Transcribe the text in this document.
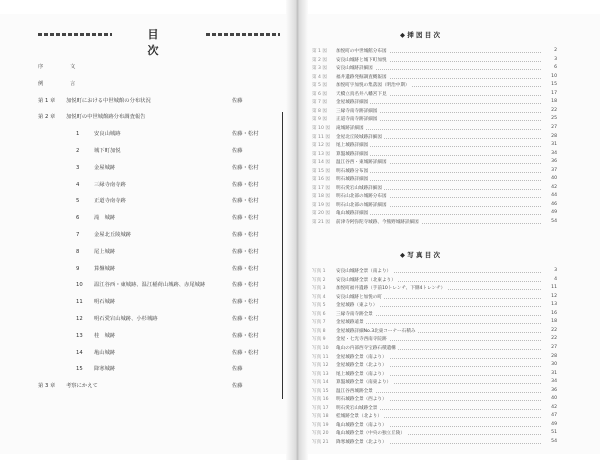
目　次
序	文
例	言
第 1 章 加悦町における中世城館の分布状況	佐藤
第 2 章 加悦町の中世城館跡分布調査報告
1	安良山城跡	佐藤・松村
2	城下町加悦	佐藤
3	金屋城跡	佐藤・松村
4	三縁寺南寺跡	佐藤・松村
5	正道寺南寺跡	佐藤・松村
6	滝　城跡	佐藤・松村
7	金屋北丘陵城跡	佐藤・松村
8	尾上城跡	佐藤・松村
9	算盤城跡	佐藤・松村
10 温江谷西・東城跡、温江稲荷山城跡、赤尾城跡	佐藤・松村
11 明石城跡	佐藤・松村
12 明石愛宕山城跡、小杉城跡	佐藤・松村
13 桂　城跡	佐藤・松村
14 亀山城跡	佐藤・松村
15 降寒城跡	佐藤
第 3 章 考察にかえて	佐藤
◆ 挿 図 目 次
第 1 図	加悦町の中世城館分布図	2
第 2 図	安良山城跡と城下町加悦	3
第 3 図	安良山城跡詳細図	6
第 4 図	福井遺跡発掘調査概報図	10
第 5 図	加悦町字加悦の集落図（明治中期）	15
第 6 図	天橋立真名井八幡宮下見	17
第 7 図	金屋城跡詳細図	18
第 8 図	三縁寺南寺跡詳細図	22
第 9 図	正道寺南寺跡詳細図	25
第 10 図	滝城跡詳細図	27
第 11 図	金屋北丘陵城跡詳細図	28
第 12 図	尾上城跡詳細図	31
第 13 図	算盤城跡詳細図	34
第 14 図	温江谷西・東城跡詳細図	36
第 15 図	明石城跡分布図	37
第 16 図	明石城跡詳細図	40
第 17 図	明石愛宕山城跡詳細図	42
第 18 図	明石山北部の城跡分布図	44
第 19 図	明石山北部の城跡詳細図	46
第 20 図	亀山城跡詳細図	49
第 21 図	前津寺阿弥陀寺城跡、今熊野城跡詳細図	54
◆ 写 真 目 次
写真 1	安良山城跡全景（南より）	3
写真 2	安良山城跡全景（北東より）	4
写真 3	加悦町福井遺跡（手前10トレンチ、下側4トレンチ）	11
写真 4	安良山城跡と加悦の町	12
写真 5	金屋城跡（東より）	13
写真 6	三縁寺南寺跡全景	16
写真 7	金屋城跡遠景	18
写真 8	金屋城跡詳細No.3北東コーナー石積み	22
写真 9	金屋・七光寺西南寺院跡	22
写真 10	亀山の内部西寺宝跡石積遺構	27
写真 11	金屋城跡全景（南より）	28
写真 12	金屋城跡全景（北より）	30
写真 13	尾上城跡全景（南より）	31
写真 14	算盤城跡全景（南東より）	34
写真 15	温江谷西城跡全景	36
写真 16	明石城跡全景（西より）	40
写真 17	明石愛宕山城跡全景	42
写真 18	桂城跡全景（北より）	47
写真 19	亀山城跡全景（南より）	49
写真 20	亀山城跡全景（中央の独立丘陵）	51
写真 21	降寒城跡全景（北より）	54
